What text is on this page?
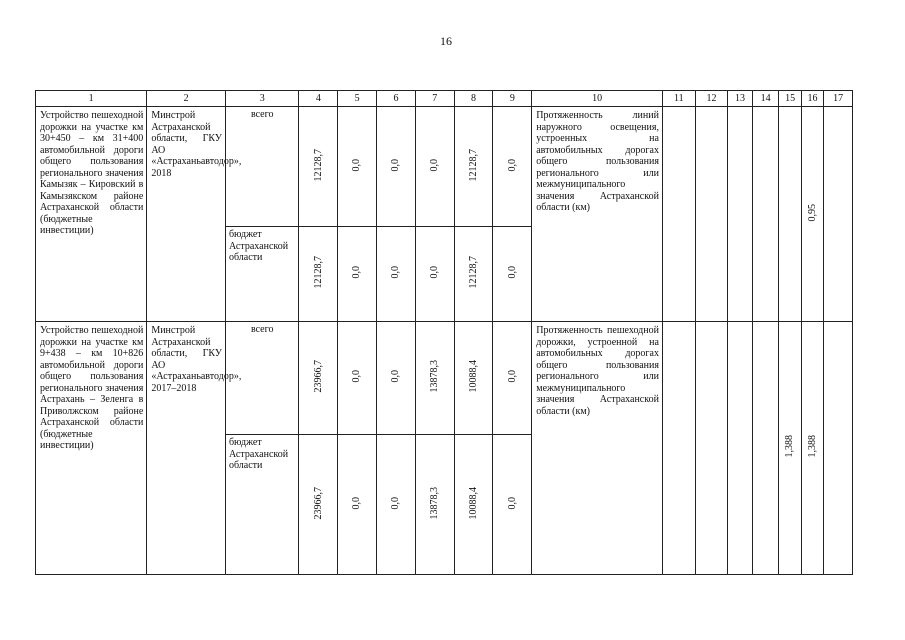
16
1	2	3	4	5	6	7	8	9	10	11	12	13	14	15	16	17

Устройство пешеходной дорожки на участке км 30+450 – км 31+400 автомобильной дороги общего пользования регионального значения Камызяк – Кировский в Камызякском районе Астраханской области (бюджетные инвестиции)	Минстрой Астраханской области, ГКУ АО «Астраханьавтодор», 2018	всего	12128,7	0,0	0,0	0,0	12128,7	0,0	Протяженность линий наружного освещения, устроенных на автомобильных дорогах общего пользования регионального или межмуниципального значения Астраханской области (км)						0,95	

		бюджет Астраханской области	12128,7	0,0	0,0	0,0	12128,7	0,0								

Устройство пешеходной дорожки на участке км 9+438 – км 10+826 автомобильной дороги общего пользования регионального значения Астрахань – Зеленга в Приволжском районе Астраханской области (бюджетные инвестиции)	Минстрой Астраханской области, ГКУ АО «Астраханьавтодор», 2017–2018	всего	23966,7	0,0	0,0	13878,3	10088,4	0,0	Протяженность пешеходной дорожки, устроенной на автомобильных дорогах общего пользования регионального или межмуниципального значения Астраханской области (км)					1,388	1,388	

		бюджет Астраханской области	23966,7	0,0	0,0	13878,3	10088,4	0,0								
